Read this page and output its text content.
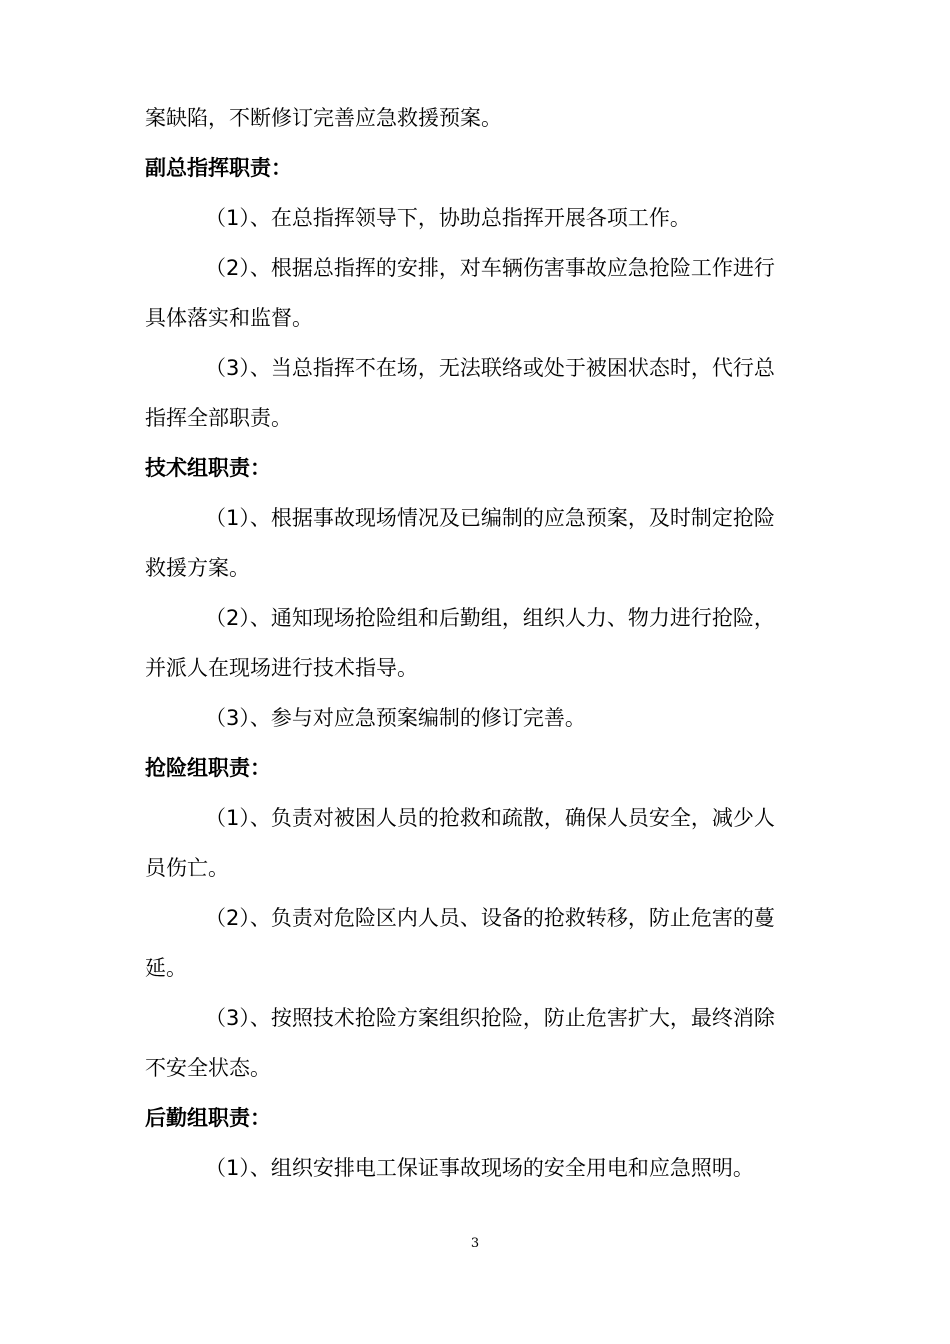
案缺陷，不断修订完善应急救援预案。
副总指挥职责：
（1）、在总指挥领导下，协助总指挥开展各项工作。
（2）、根据总指挥的安排，对车辆伤害事故应急抢险工作进行
具体落实和监督。
（3）、当总指挥不在场，无法联络或处于被困状态时，代行总
指挥全部职责。
技术组职责：
（1）、根据事故现场情况及已编制的应急预案，及时制定抢险
救援方案。
（2）、通知现场抢险组和后勤组，组织人力、物力进行抢险，
并派人在现场进行技术指导。
（3）、参与对应急预案编制的修订完善。
抢险组职责：
（1）、负责对被困人员的抢救和疏散，确保人员安全，减少人
员伤亡。
（2）、负责对危险区内人员、设备的抢救转移，防止危害的蔓
延。
（3）、按照技术抢险方案组织抢险，防止危害扩大，最终消除
不安全状态。
后勤组职责：
（1）、组织安排电工保证事故现场的安全用电和应急照明。
3
